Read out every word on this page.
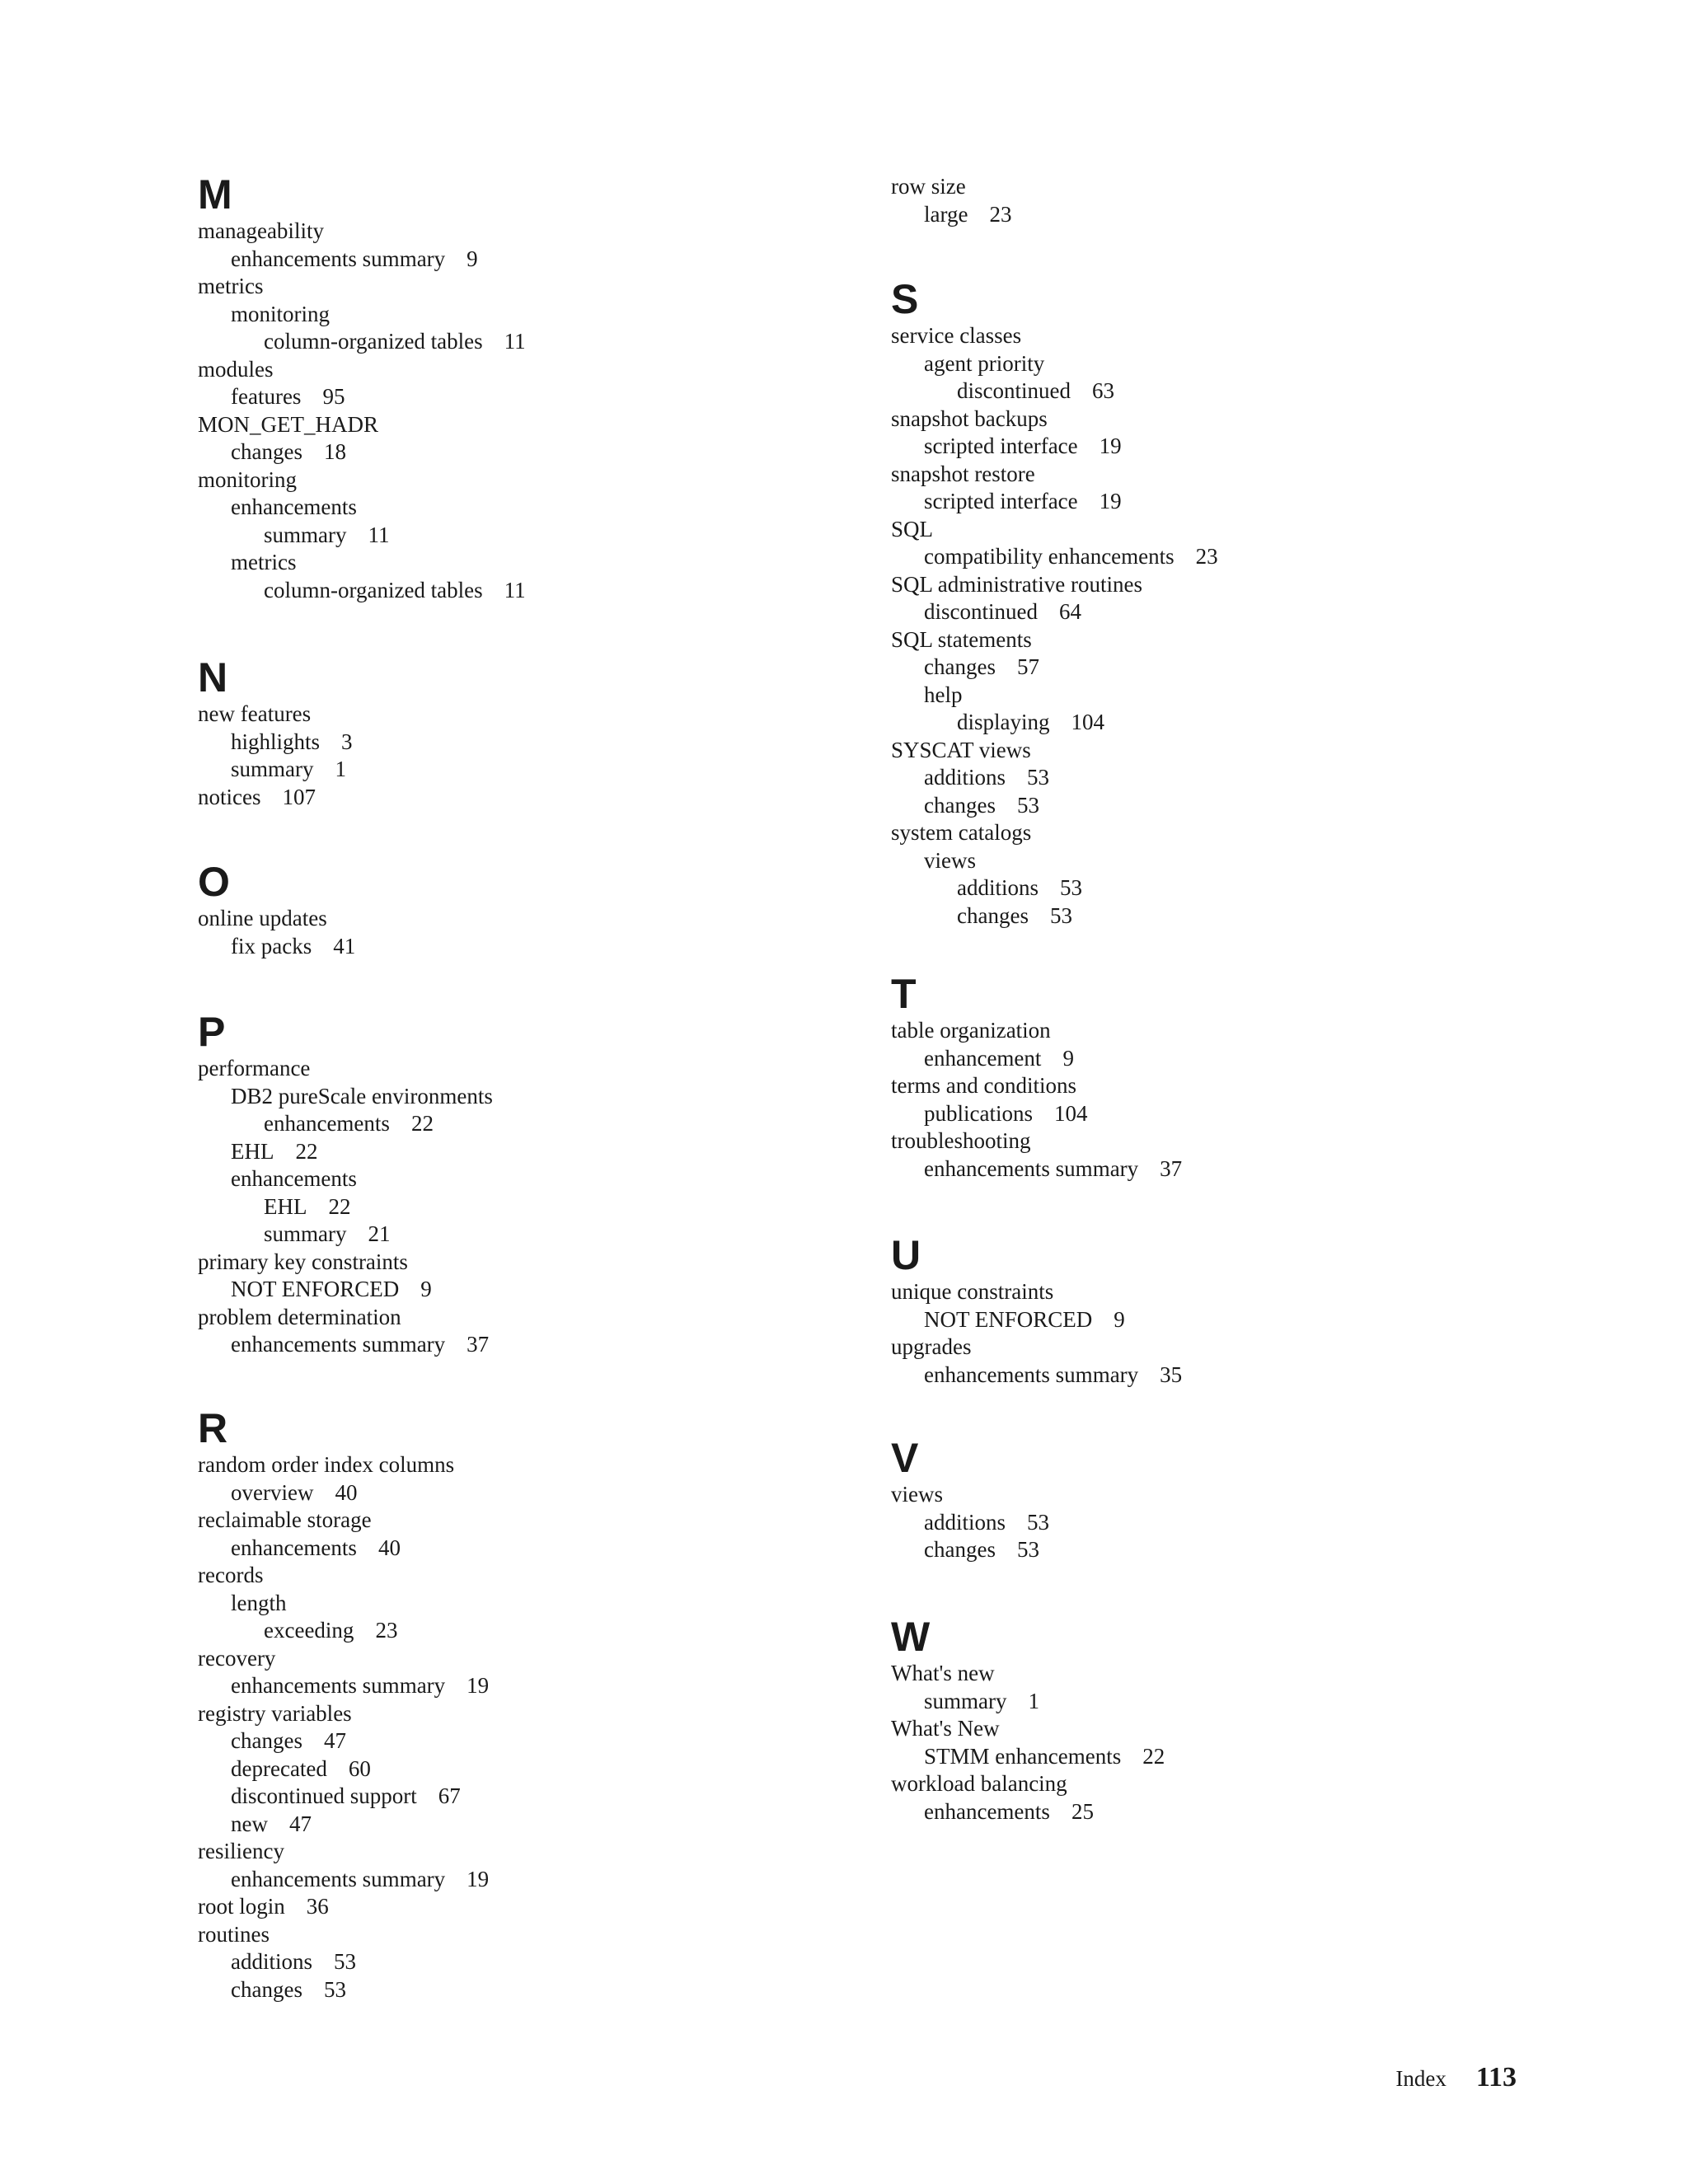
M
manageability
enhancements summary 9
metrics
monitoring
column-organized tables 11
modules
features 95
MON_GET_HADR
changes 18
monitoring
enhancements
summary 11
metrics
column-organized tables 11
N
new features
highlights 3
summary 1
notices 107
O
online updates
fix packs 41
P
performance
DB2 pureScale environments
enhancements 22
EHL 22
enhancements
EHL 22
summary 21
primary key constraints
NOT ENFORCED 9
problem determination
enhancements summary 37
R
random order index columns
overview 40
reclaimable storage
enhancements 40
records
length
exceeding 23
recovery
enhancements summary 19
registry variables
changes 47
deprecated 60
discontinued support 67
new 47
resiliency
enhancements summary 19
root login 36
routines
additions 53
changes 53
row size
large 23
S
service classes
agent priority
discontinued 63
snapshot backups
scripted interface 19
snapshot restore
scripted interface 19
SQL
compatibility enhancements 23
SQL administrative routines
discontinued 64
SQL statements
changes 57
help
displaying 104
SYSCAT views
additions 53
changes 53
system catalogs
views
additions 53
changes 53
T
table organization
enhancement 9
terms and conditions
publications 104
troubleshooting
enhancements summary 37
U
unique constraints
NOT ENFORCED 9
upgrades
enhancements summary 35
V
views
additions 53
changes 53
W
What's new
summary 1
What's New
STMM enhancements 22
workload balancing
enhancements 25
Index 113
